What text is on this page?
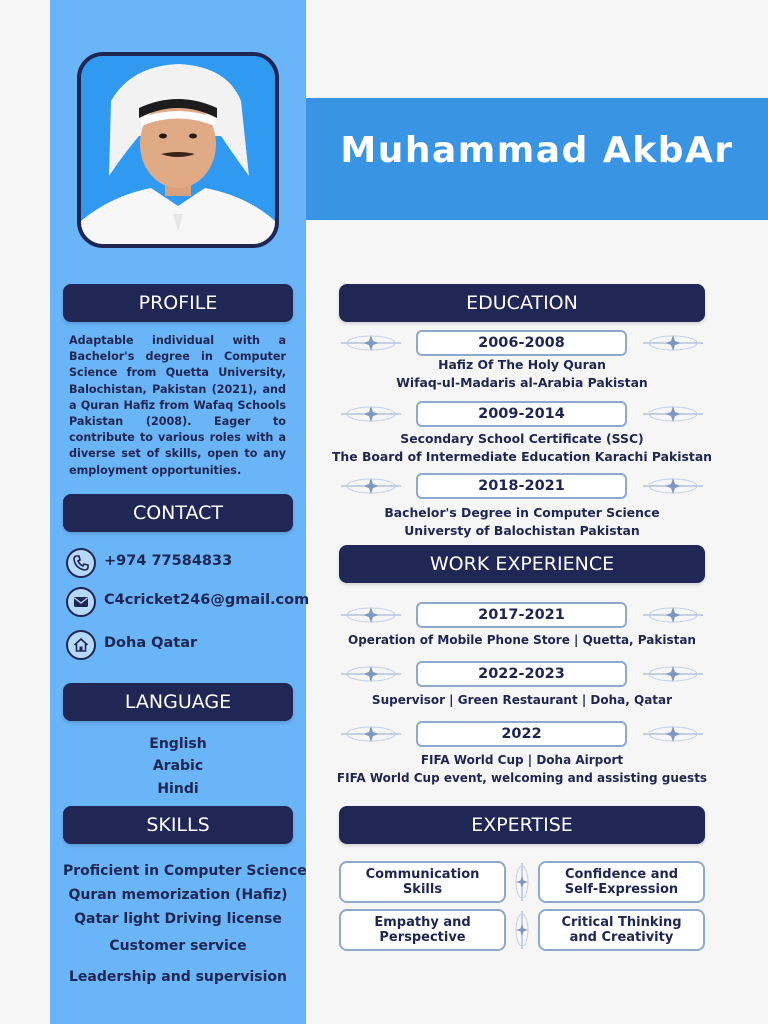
Muhammad AkbAr
PROFILE
Adaptable individual with a Bachelor's degree in Computer Science from Quetta University, Balochistan, Pakistan (2021), and a Quran Hafiz from Wafaq Schools Pakistan (2008). Eager to contribute to various roles with a diverse set of skills, open to any employment opportunities.
CONTACT
+974 77584833
C4cricket246@gmail.com
Doha Qatar
LANGUAGE
English
Arabic
Hindi
SKILLS
Proficient in Computer Science
Quran memorization (Hafiz)
Qatar light Driving license
Customer service
Leadership and supervision
EDUCATION
2006-2008
Hafiz Of The Holy Quran
Wifaq-ul-Madaris al-Arabia Pakistan
2009-2014
Secondary School Certificate (SSC)
The Board of Intermediate Education Karachi Pakistan
2018-2021
Bachelor's Degree in Computer Science
Universty of Balochistan Pakistan
WORK EXPERIENCE
2017-2021
Operation of Mobile Phone Store | Quetta, Pakistan
2022-2023
Supervisor | Green Restaurant | Doha, Qatar
2022
FIFA World Cup | Doha Airport
FIFA World Cup event, welcoming and assisting guests
EXPERTISE
Communication Skills
Confidence and Self-Expression
Empathy and Perspective
Critical Thinking and Creativity
